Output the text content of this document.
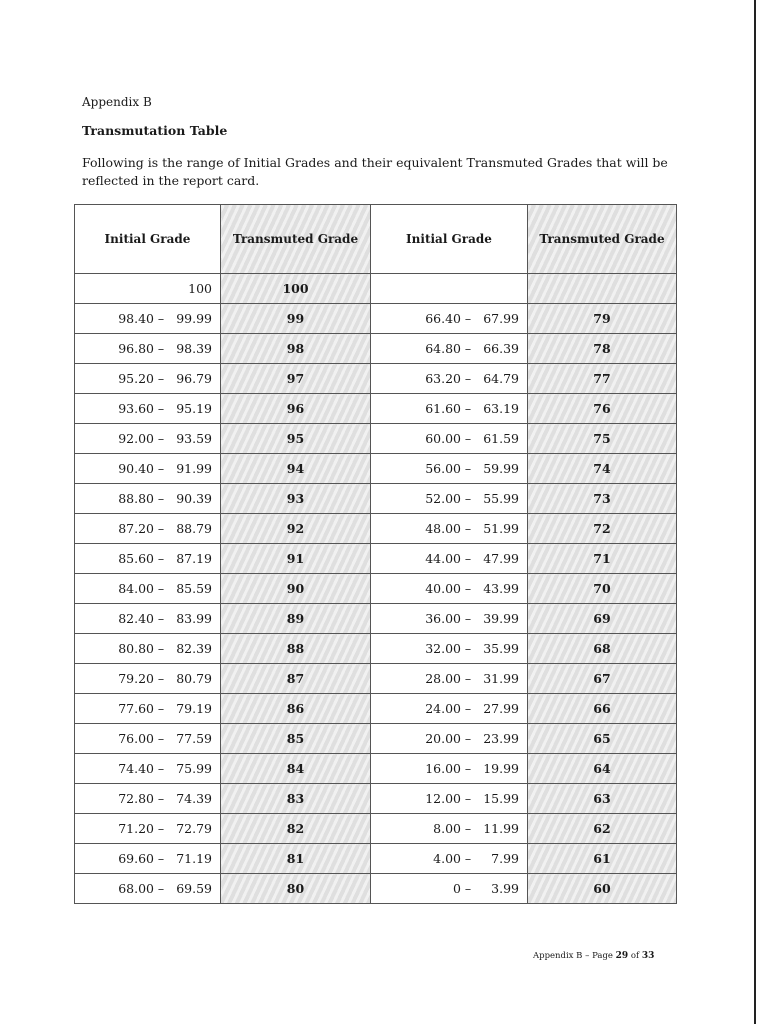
Appendix B
Transmutation Table
Following is the range of Initial Grades and their equivalent Transmuted Grades that will be reflected in the report card.
Initial Grade	Transmuted Grade	Initial Grade	Transmuted Grade
100	100		

98.40 – 99.99	99	66.40 – 67.99	79

96.80 – 98.39	98	64.80 – 66.39	78

95.20 – 96.79	97	63.20 – 64.79	77

93.60 – 95.19	96	61.60 – 63.19	76

92.00 – 93.59	95	60.00 – 61.59	75

90.40 – 91.99	94	56.00 – 59.99	74

88.80 – 90.39	93	52.00 – 55.99	73

87.20 – 88.79	92	48.00 – 51.99	72

85.60 – 87.19	91	44.00 – 47.99	71

84.00 – 85.59	90	40.00 – 43.99	70

82.40 – 83.99	89	36.00 – 39.99	69

80.80 – 82.39	88	32.00 – 35.99	68

79.20 – 80.79	87	28.00 – 31.99	67

77.60 – 79.19	86	24.00 – 27.99	66

76.00 – 77.59	85	20.00 – 23.99	65

74.40 – 75.99	84	16.00 – 19.99	64

72.80 – 74.39	83	12.00 – 15.99	63

71.20 – 72.79	82	8.00 – 11.99	62

69.60 – 71.19	81	4.00 – 7.99	61

68.00 – 69.59	80	0 – 3.99	60
Appendix B – Page 29 of 33
